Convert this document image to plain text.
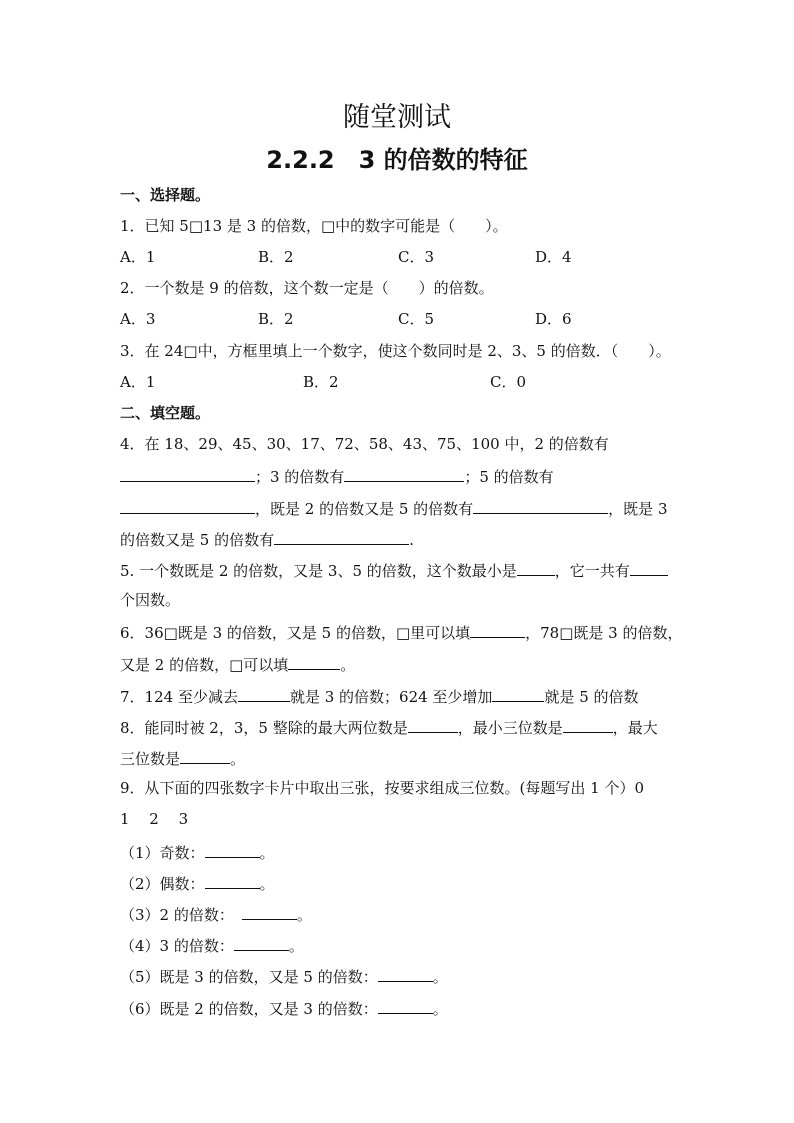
随堂测试
2.2.2　3 的倍数的特征
一、选择题。
1．已知 5□13 是 3 的倍数，□中的数字可能是（　　）。
A．1	B．2	C．3	D．4
2．一个数是 9 的倍数，这个数一定是（　　）的倍数。
A．3	B．2	C．5	D．6
3．在 24□中，方框里填上一个数字，使这个数同时是 2、3、5 的倍数．（　　）。
A．1	B．2	C．0
二、填空题。
4．在 18、29、45、30、17、72、58、43、75、100 中，2 的倍数有
；3 的倍数有	；5 的倍数有
，既是 2 的倍数又是 5 的倍数有	，既是 3
的倍数又是 5 的倍数有	.
5. 一个数既是 2 的倍数，又是 3、5 的倍数，这个数最小是	，它一共有
个因数。
6．36□既是 3 的倍数，又是 5 的倍数，□里可以填	，78□既是 3 的倍数，
又是 2 的倍数，□可以填	。
7．124 至少减去	就是 3 的倍数；624 至少增加	就是 5 的倍数
8．能同时被 2，3，5 整除的最大两位数是	，最小三位数是	，最大
三位数是	。
9．从下面的四张数字卡片中取出三张，按要求组成三位数。(每题写出 1 个）0
1　 2　 3
（1）奇数：	。
（2）偶数：	。
（3）2 的倍数：	。
（4）3 的倍数：	。
（5）既是 3 的倍数，又是 5 的倍数：	。
（6）既是 2 的倍数，又是 3 的倍数：	。
